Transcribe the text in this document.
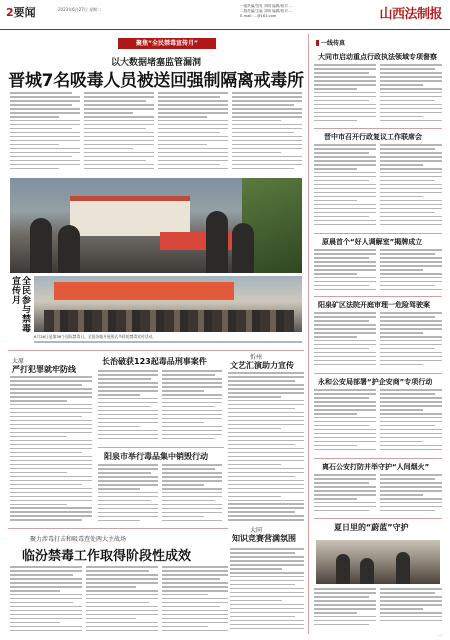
2要闻	2023年6月27日 星期二
一级责编/签发 刘明 编辑/校对 ...
二版责编/主编 刘明 编辑/校对 ...
E-mail: ...@163.com	山西法制报
聚焦“全民禁毒宣传月”
以大数据堵塞监管漏洞
晋城7名吸毒人员被送回强制隔离戒毒所
全民参与禁毒宣传月
6月26日是第36个国际禁毒日。全国各地开展形式多样的禁毒宣传活动。
太原
严打犯罪就牢防线
长治破获123起毒品刑事案件	忻州
文艺汇演助力宣传
阳泉市举行毒品集中销毁行动
大同
知识竞赛营满氛围
聚力涉毒打击和吸毒查处两大主战场
临汾禁毒工作取得阶段性成效
一线传真
大同市启动重点行政执法领域专项督察
晋中市召开行政复议工作联席会
原晨首个“好人调解室”揭牌成立
阳泉矿区法院开庭审理一危险驾驶案
永和公安局部署“护企安商”专项行动
离石公安打防并举守护“人间烟火”
夏日里的“蔚蓝”守护
...
